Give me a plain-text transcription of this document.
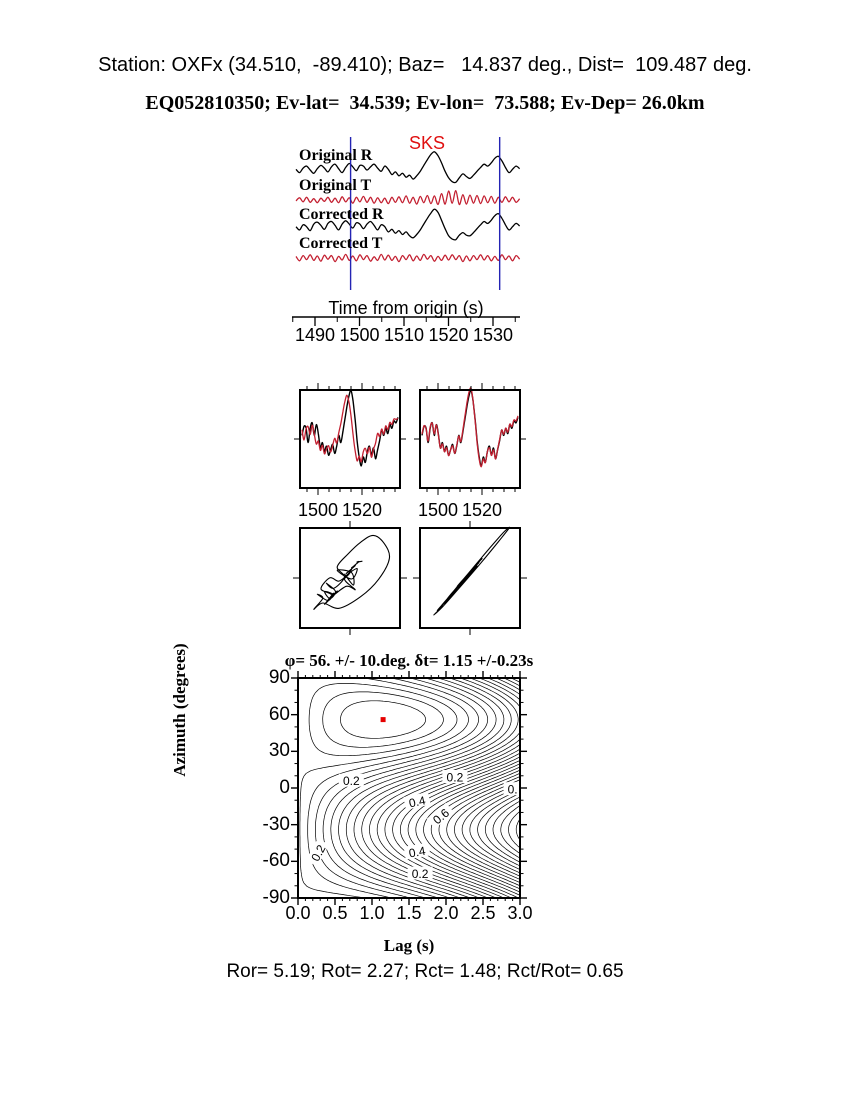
0.2	0.2
0.4
0.6
0.
0.2	0.4
0.2
Station: OXFx (34.510,  -89.410); Baz=   14.837 deg., Dist=  109.487 deg.
EQ052810350; Ev-lat=  34.539; Ev-lon=  73.588; Ev-Dep= 26.0km
SKS
Original R
Original T
Corrected R
Corrected T
Time from origin (s)
1490 1500 1510 1520 1530
1500 1520 1500 1520
φ= 56. +/- 10.deg. δt= 1.15 +/-0.23s
Azimuth (degrees)
Lag (s)
0.0 0.5 1.0 1.5 2.0 2.5 3.0
90
60
30
0
-30
-60
-90
Ror= 5.19; Rot= 2.27; Rct= 1.48; Rct/Rot= 0.65
